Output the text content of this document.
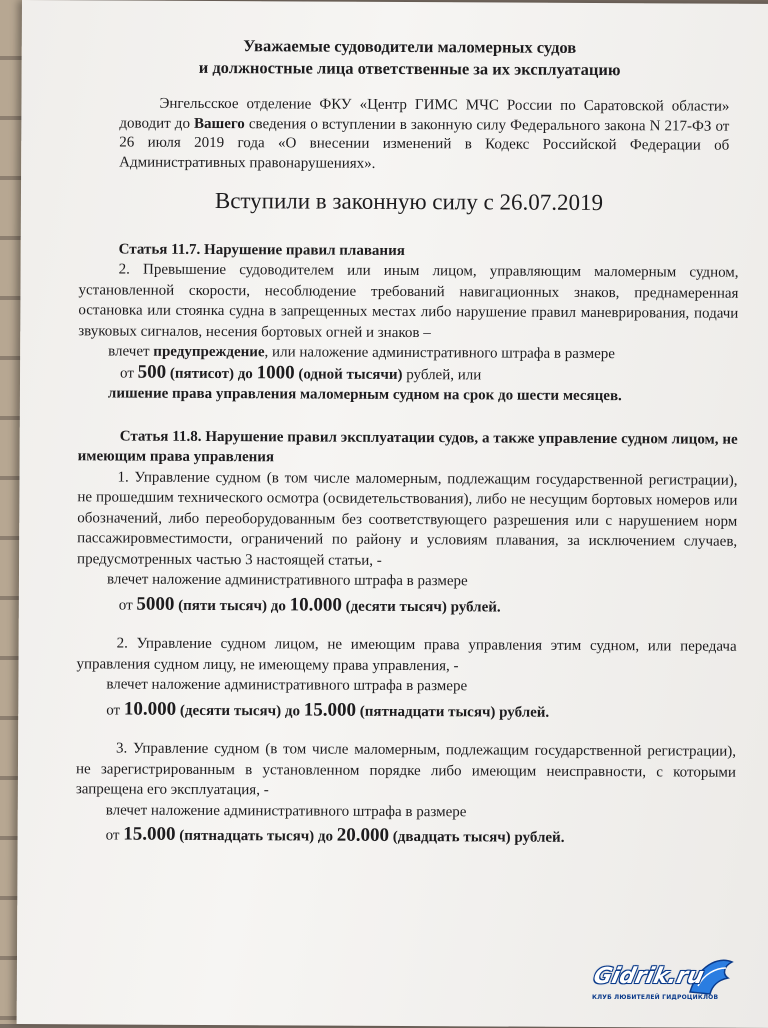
Уважаемые судоводители маломерных судов
и должностные лица ответственные за их эксплуатацию

Энгельсское отделение ФКУ «Центр ГИМС МЧС России по Саратовской области» доводит до Вашего сведения о вступлении в законную силу Федерального закона N 217-ФЗ от 26 июля 2019 года «О внесении изменений в Кодекс Российской Федерации об Административных правонарушениях».

Вступили в законную силу с 26.07.2019

Статья 11.7. Нарушение правил плавания

2. Превышение судоводителем или иным лицом, управляющим маломерным судном, установленной скорости, несоблюдение требований навигационных знаков, преднамеренная остановка или стоянка судна в запрещенных местах либо нарушение правил маневрирования, подачи звуковых сигналов, несения бортовых огней и знаков –

влечет предупреждение, или наложение административного штрафа в размере

от 500 (пятисот) до 1000 (одной тысячи) рублей, или

лишение права управления маломерным судном на срок до шести месяцев.

Статья 11.8. Нарушение правил эксплуатации судов, а также управление судном лицом, не имеющим права управления

1. Управление судном (в том числе маломерным, подлежащим государственной регистрации), не прошедшим технического осмотра (освидетельствования), либо не несущим бортовых номеров или обозначений, либо переоборудованным без соответствующего разрешения или с нарушением норм пассажировместимости, ограничений по району и условиям плавания, за исключением случаев, предусмотренных частью 3 настоящей статьи, -

влечет наложение административного штрафа в размере

от 5000 (пяти тысяч) до 10.000 (десяти тысяч) рублей.

2. Управление судном лицом, не имеющим права управления этим судном, или передача управления судном лицу, не имеющему права управления, -

влечет наложение административного штрафа в размере

от 10.000 (десяти тысяч) до 15.000 (пятнадцати тысяч) рублей.

3. Управление судном (в том числе маломерным, подлежащим государственной регистрации), не зарегистрированным в установленном порядке либо имеющим неисправности, с которыми запрещена его эксплуатация, -

влечет наложение административного штрафа в размере

от 15.000 (пятнадцать тысяч) до 20.000 (двадцать тысяч) рублей.

Gidrik.ru
КЛУБ ЛЮБИТЕЛЕЙ ГИДРОЦИКЛОВ
